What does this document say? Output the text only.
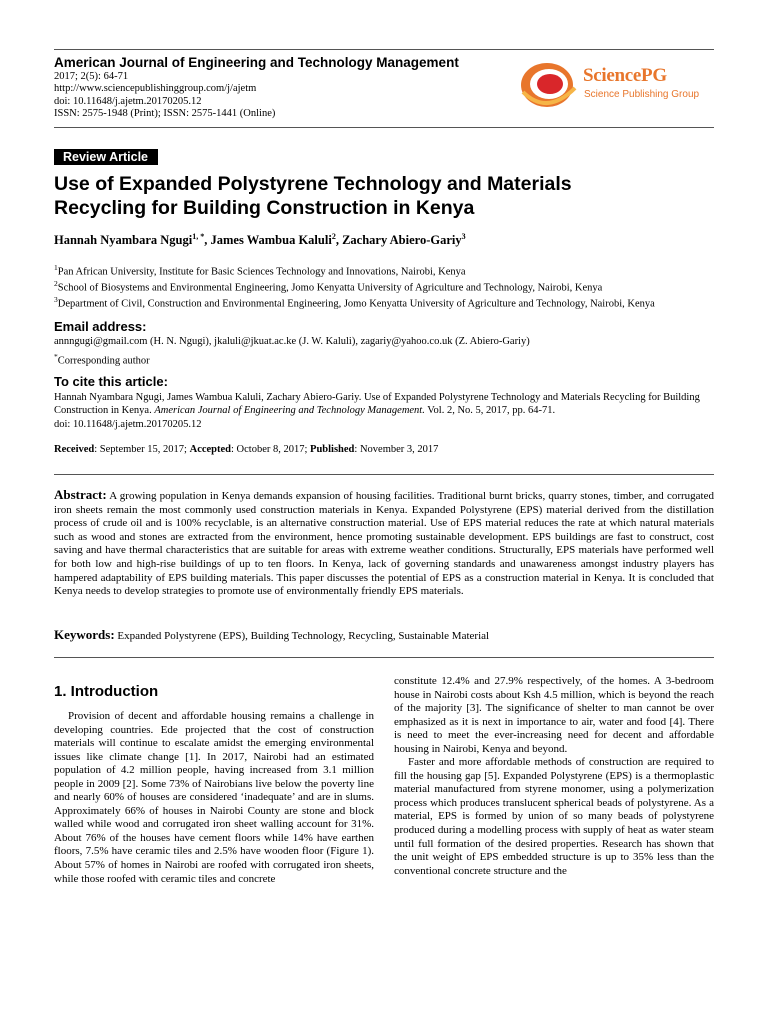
American Journal of Engineering and Technology Management
2017; 2(5): 64-71
http://www.sciencepublishinggroup.com/j/ajetm
doi: 10.11648/j.ajetm.20170205.12
ISSN: 2575-1948 (Print); ISSN: 2575-1441 (Online)
SciencePG
Science Publishing Group
Review Article
Use of Expanded Polystyrene Technology and Materials
Recycling for Building Construction in Kenya
Hannah Nyambara Ngugi$^{1, *}$, James Wambua Kaluli$^2$, Zachary Abiero-Gariy$^3$
$^1$Pan African University, Institute for Basic Sciences Technology and Innovations, Nairobi, Kenya
$^2$School of Biosystems and Environmental Engineering, Jomo Kenyatta University of Agriculture and Technology, Nairobi, Kenya
$^3$Department of Civil, Construction and Environmental Engineering, Jomo Kenyatta University of Agriculture and Technology, Nairobi, Kenya
Email address:
annngugi@gmail.com (H. N. Ngugi), jkaluli@jkuat.ac.ke (J. W. Kaluli), zagariy@yahoo.co.uk (Z. Abiero-Gariy)
*Corresponding author
To cite this article:
Hannah Nyambara Ngugi, James Wambua Kaluli, Zachary Abiero-Gariy. Use of Expanded Polystyrene Technology and Materials Recycling for Building Construction in Kenya. American Journal of Engineering and Technology Management. Vol. 2, No. 5, 2017, pp. 64-71.
doi: 10.11648/j.ajetm.20170205.12
Received: September 15, 2017; Accepted: October 8, 2017; Published: November 3, 2017
Abstract: A growing population in Kenya demands expansion of housing facilities. Traditional burnt bricks, quarry stones, timber, and corrugated iron sheets remain the most commonly used construction materials in Kenya. Expanded Polystyrene (EPS) material derived from the distillation process of crude oil and is 100% recyclable, is an alternative construction material. Use of EPS material reduces the rate at which natural materials such as wood and stones are extracted from the environment, hence promoting sustainable development. EPS buildings are fast to construct, cost saving and have thermal characteristics that are suitable for areas with extreme weather conditions. Structurally, EPS materials have performed well for both low and high-rise buildings of up to ten floors. In Kenya, lack of governing standards and unawareness amongst industry players has hampered adaptability of EPS building materials. This paper discusses the potential of EPS as a construction material in Kenya. It is concluded that Kenya needs to develop strategies to promote use of environmentally friendly EPS materials.
Keywords: Expanded Polystyrene (EPS), Building Technology, Recycling, Sustainable Material
1. Introduction

Provision of decent and affordable housing remains a challenge in developing countries. Ede projected that the cost of construction materials will continue to escalate amidst the emerging environmental issues like climate change [1]. In 2017, Nairobi had an estimated population of 4.2 million people, having increased from 3.1 million people in 2009 [2]. Some 73% of Nairobians live below the poverty line and nearly 60% of houses are considered ‘inadequate’ and are in slums. Approximately 66% of houses in Nairobi County are stone and block walled while wood and corrugated iron sheet walling account for 31%. About 76% of the houses have cement floors while 14% have earthen floors, 7.5% have ceramic tiles and 2.5% have wooden floor (Figure 1). About 57% of homes in Nairobi are roofed with corrugated iron sheets, while those roofed with ceramic tiles and concrete

constitute 12.4% and 27.9% respectively, of the homes. A 3-bedroom house in Nairobi costs about Ksh 4.5 million, which is beyond the reach of the majority [3]. The significance of shelter to man cannot be over emphasized as it is next in importance to air, water and food [4]. There is need to meet the ever-increasing need for decent and affordable housing in Nairobi, Kenya and beyond.

Faster and more affordable methods of construction are required to fill the housing gap [5]. Expanded Polystyrene (EPS) is a thermoplastic material manufactured from styrene monomer, using a polymerization process which produces translucent spherical beads of polystyrene. As a material, EPS is formed by union of so many beads of polystyrene produced during a modelling process with supply of heat as water steam until full formation of the desired properties. Research has shown that the unit weight of EPS embedded structure is up to 35% less than the conventional concrete structure and the
